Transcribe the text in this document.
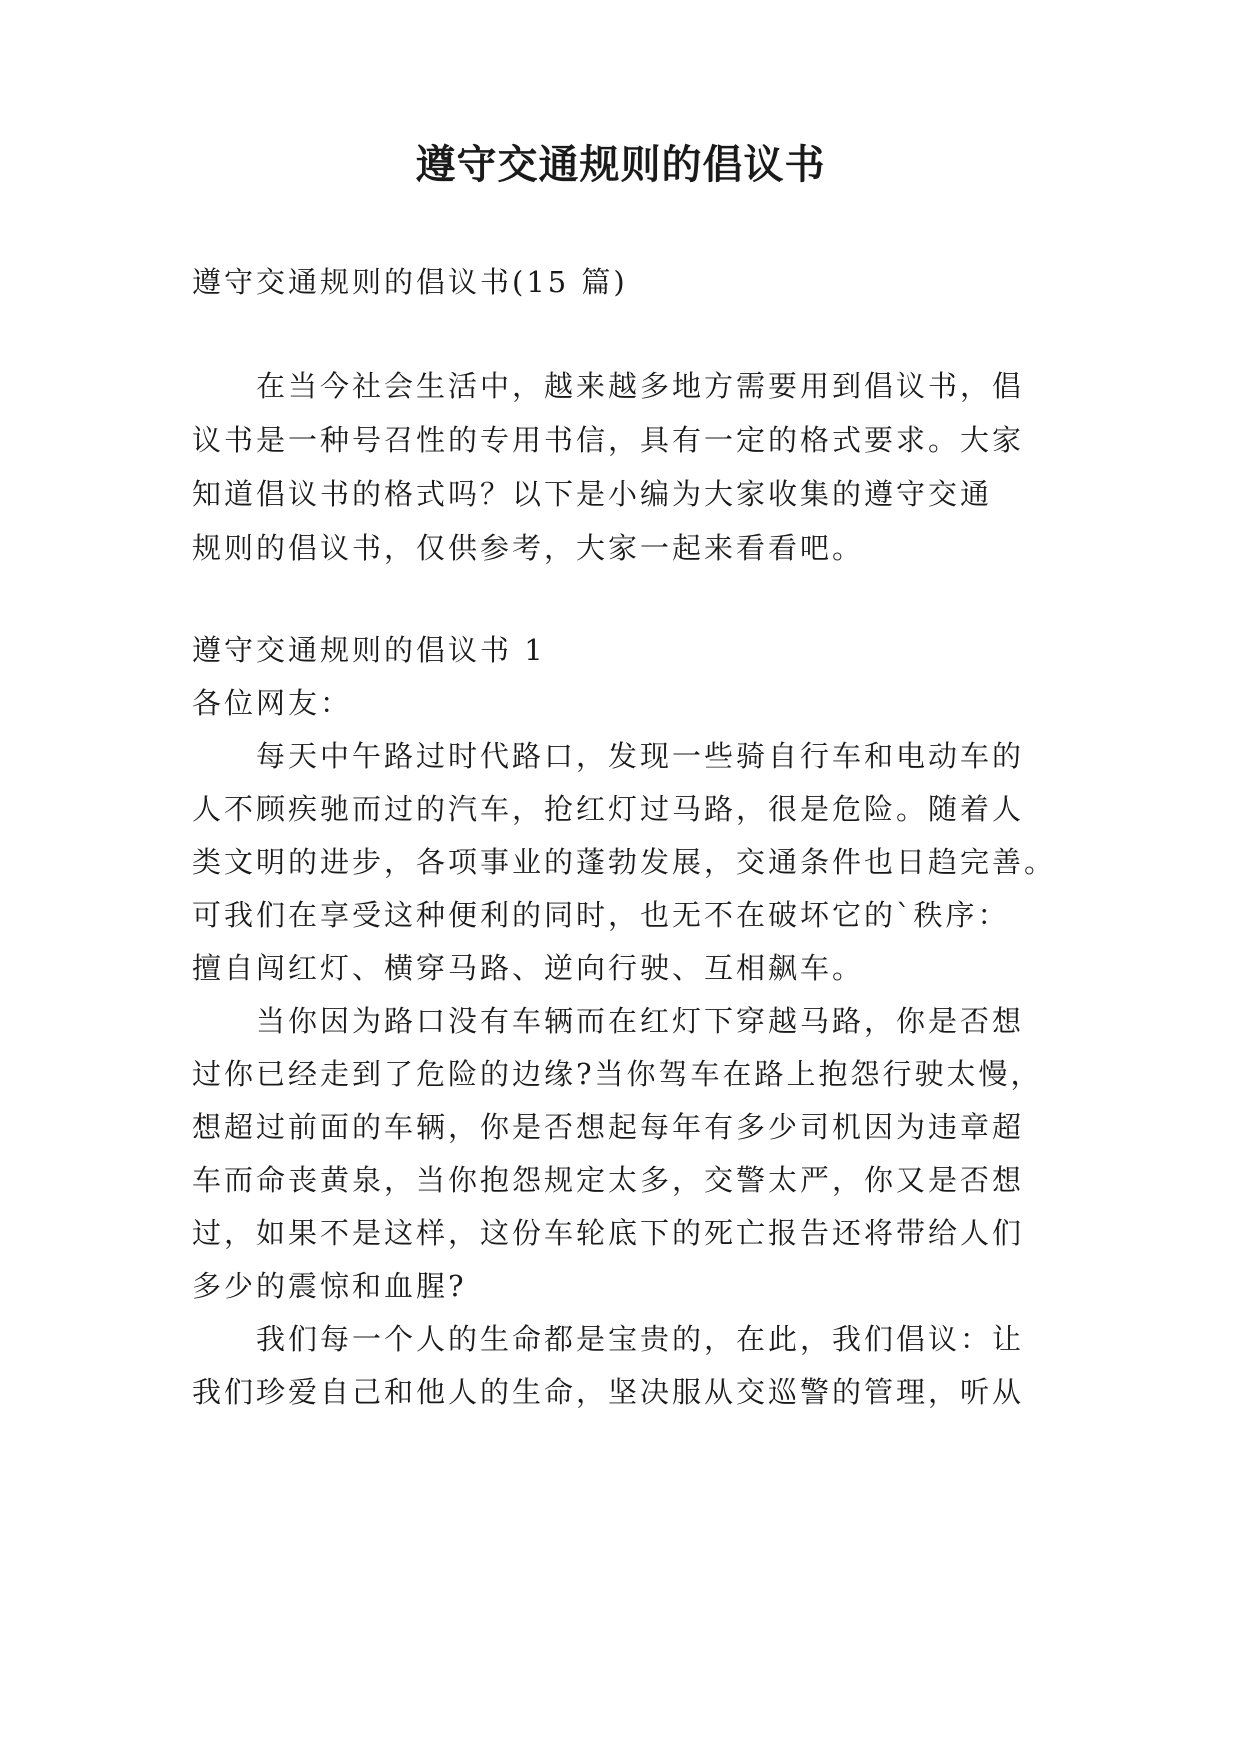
遵守交通规则的倡议书
遵守交通规则的倡议书(15 篇)
在当今社会生活中，越来越多地方需要用到倡议书，倡
议书是一种号召性的专用书信，具有一定的格式要求。大家
知道倡议书的格式吗？以下是小编为大家收集的遵守交通
规则的倡议书，仅供参考，大家一起来看看吧。
遵守交通规则的倡议书 1
各位网友：
每天中午路过时代路口，发现一些骑自行车和电动车的
人不顾疾驰而过的汽车，抢红灯过马路，很是危险。随着人
类文明的进步，各项事业的蓬勃发展，交通条件也日趋完善。
可我们在享受这种便利的同时，也无不在破坏它的`秩序：
擅自闯红灯、横穿马路、逆向行驶、互相飙车。
当你因为路口没有车辆而在红灯下穿越马路，你是否想
过你已经走到了危险的边缘?当你驾车在路上抱怨行驶太慢，
想超过前面的车辆，你是否想起每年有多少司机因为违章超
车而命丧黄泉，当你抱怨规定太多，交警太严，你又是否想
过，如果不是这样，这份车轮底下的死亡报告还将带给人们
多少的震惊和血腥?
我们每一个人的生命都是宝贵的，在此，我们倡议：让
我们珍爱自己和他人的生命，坚决服从交巡警的管理，听从
